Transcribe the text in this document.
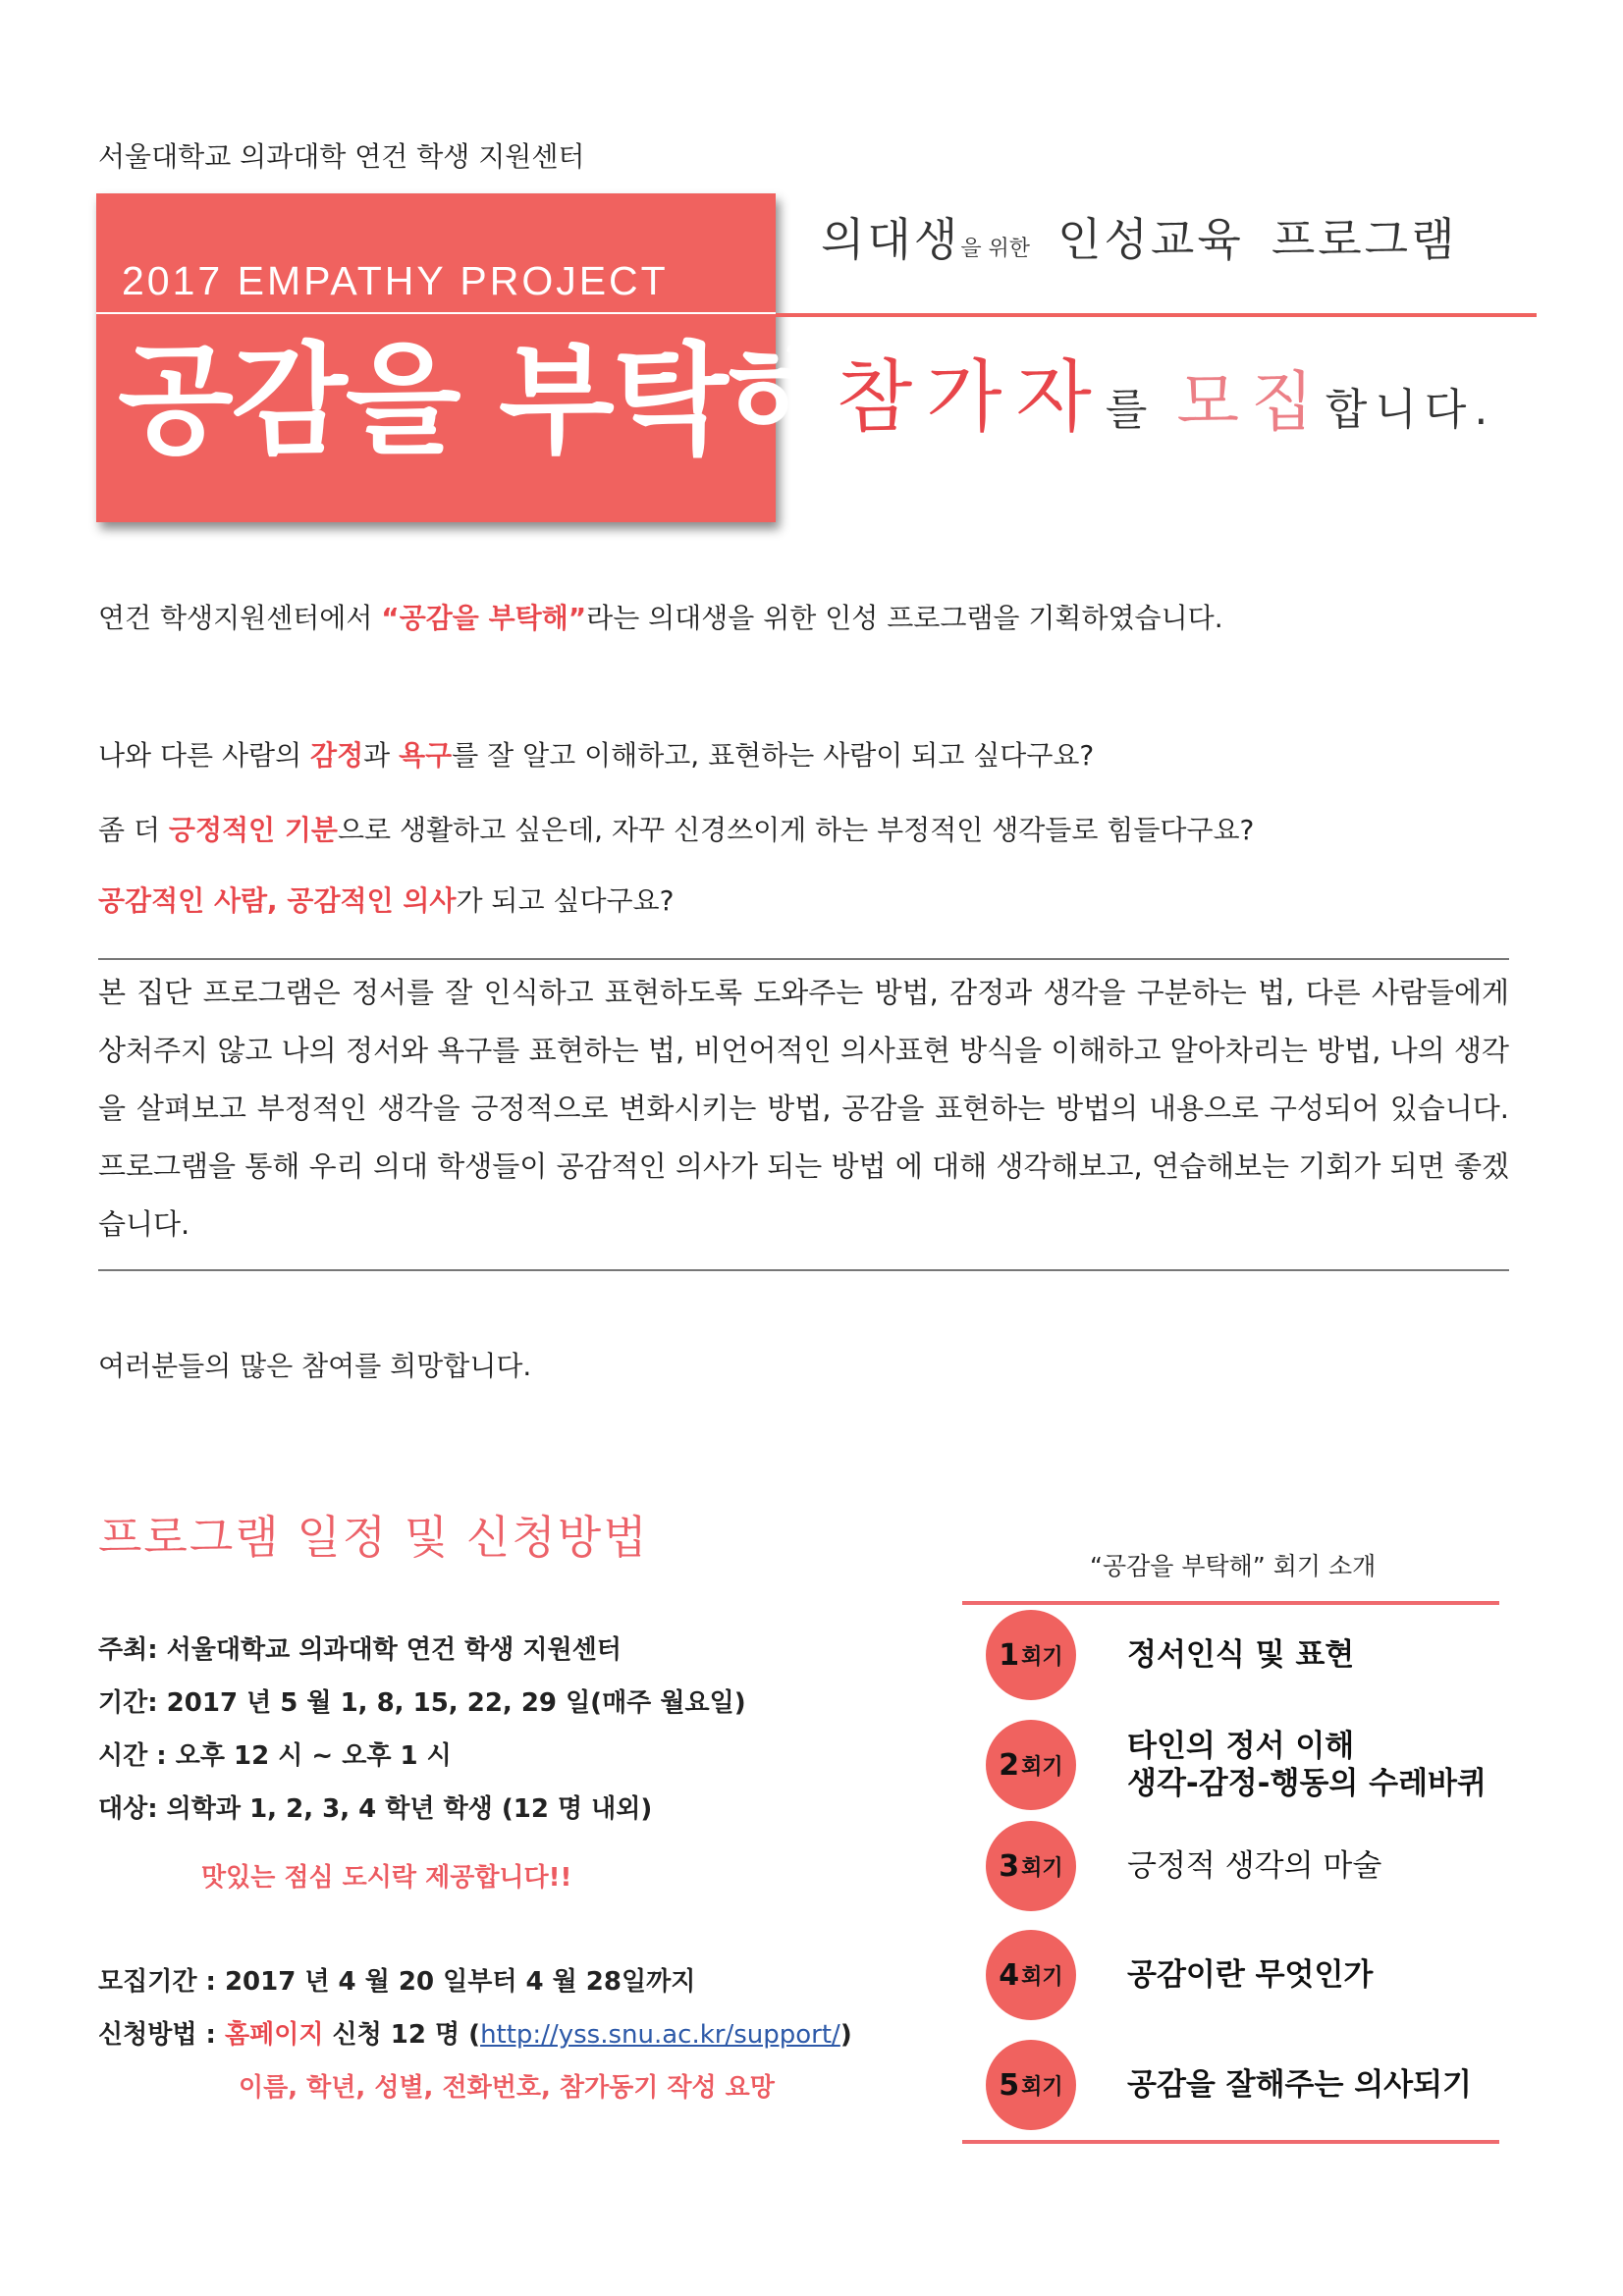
서울대학교 의과대학 연건 학생 지원센터
2017 EMPATHY PROJECT
공감을 부탁해
의대생을 위한 인성교육 프로그램
참가자를 모집합니다.
연건 학생지원센터에서 “공감을 부탁해”라는 의대생을 위한 인성 프로그램을 기획하였습니다.
나와 다른 사람의 감정과 욕구를 잘 알고 이해하고, 표현하는 사람이 되고 싶다구요?
좀 더 긍정적인 기분으로 생활하고 싶은데, 자꾸 신경쓰이게 하는 부정적인 생각들로 힘들다구요?
공감적인 사람, 공감적인 의사가 되고 싶다구요?
본 집단 프로그램은 정서를 잘 인식하고 표현하도록 도와주는 방법, 감정과 생각을 구분하는 법, 다른 사람들에게 상처주지 않고 나의 정서와 욕구를 표현하는 법, 비언어적인 의사표현 방식을 이해하고 알아차리는 방법, 나의 생각을 살펴보고 부정적인 생각을 긍정적으로 변화시키는 방법, 공감을 표현하는 방법의 내용으로 구성되어 있습니다. 프로그램을 통해 우리 의대 학생들이 공감적인 의사가 되는 방법 에 대해 생각해보고, 연습해보는 기회가 되면 좋겠습니다.
여러분들의 많은 참여를 희망합니다.
프로그램 일정 및 신청방법
주최: 서울대학교 의과대학 연건 학생 지원센터
기간: 2017 년 5 월 1, 8, 15, 22, 29 일(매주 월요일)
시간 : 오후 12 시 ~ 오후 1 시
대상: 의학과 1, 2, 3, 4 학년 학생 (12 명 내외)
맛있는 점심 도시락 제공합니다!!
모집기간 : 2017 년 4 월 20 일부터 4 월 28일까지
신청방법 : 홈페이지 신청 12 명 (http://yss.snu.ac.kr/support/)
이름, 학년, 성별, 전화번호, 참가동기 작성 요망
“공감을 부탁해” 회기 소개
1 회기 정서인식 및 표현
2 회기
타인의 정서 이해
생각-감정-행동의 수레바퀴
3 회기 긍정적 생각의 마술
4 회기 공감이란 무엇인가
5 회기 공감을 잘해주는 의사되기
